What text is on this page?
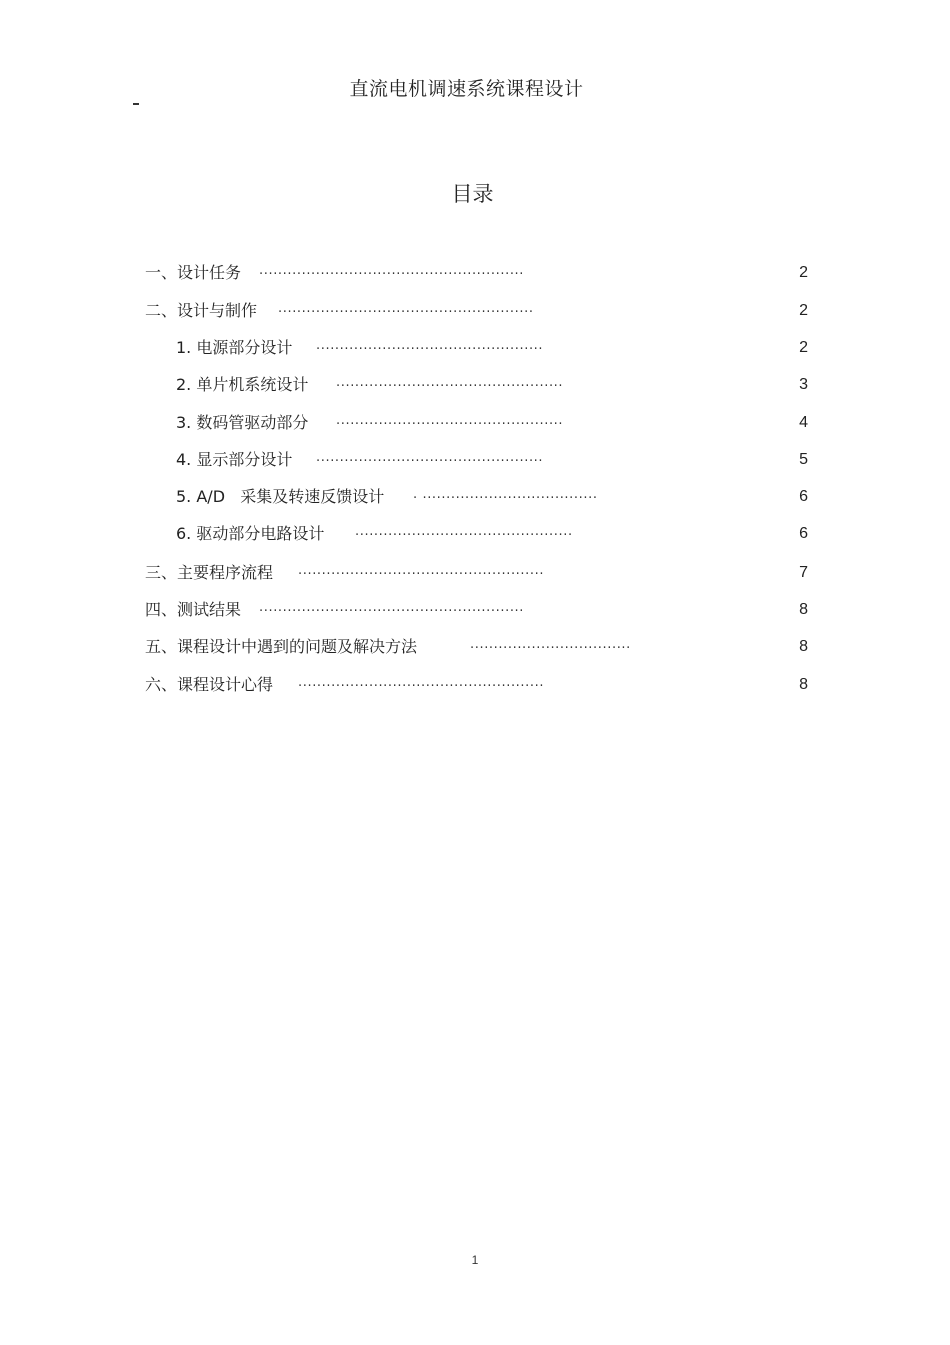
直流电机调速系统课程设计
目录
一、设计任务 ........................................................	2
二、设计与制作 ......................................................	2
1. 电源部分设计 ................................................	2
2. 单片机系统设计 ................................................	3
3. 数码管驱动部分 ................................................	4
4. 显示部分设计 ................................................	5
5. A/D   采集及转速反馈设计 . .....................................	6
6. 驱动部分电路设计 ..............................................	6
三、主要程序流程 ....................................................	7
四、测试结果 ........................................................	8
五、课程设计中遇到的问题及解决方法	..................................	8
六、课程设计心得 ....................................................	8
1
